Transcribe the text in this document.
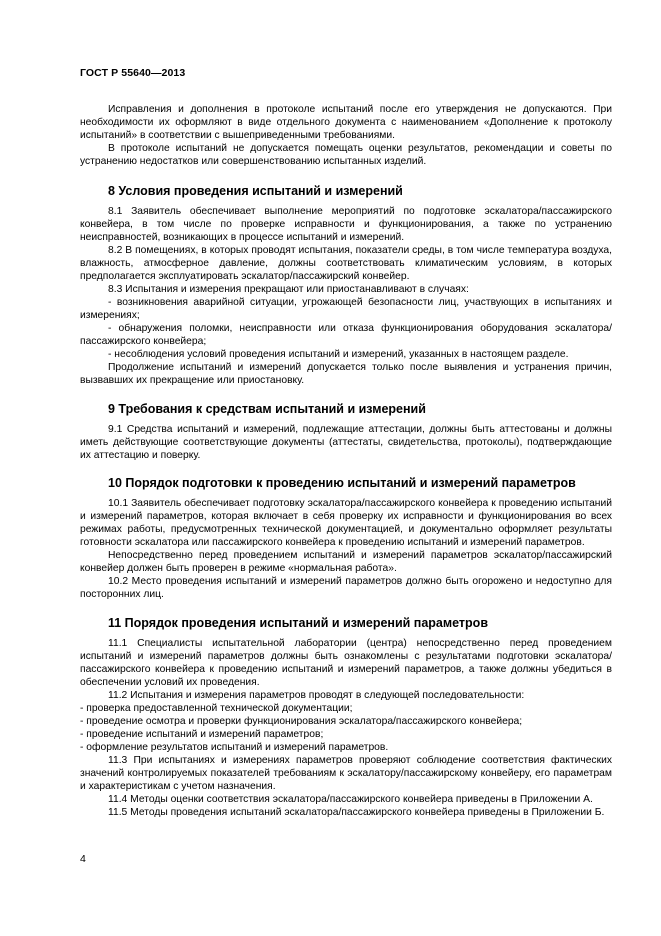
ГОСТ Р 55640—2013

Исправления и дополнения в протоколе испытаний после его утверждения не допускаются. При необходимости их оформляют в виде отдельного документа с наименованием «Дополнение к протоколу испытаний» в соответствии с вышеприведенными требованиями.

В протоколе испытаний не допускается помещать оценки результатов, рекомендации и советы по устранению недостатков или совершенствованию испытанных изделий.

8 Условия проведения испытаний и измерений

8.1 Заявитель обеспечивает выполнение мероприятий по подготовке эскалатора/пассажирского конвейера, в том числе по проверке исправности и функционирования, а также по устранению неисправностей, возникающих в процессе испытаний и измерений.

8.2 В помещениях, в которых проводят испытания, показатели среды, в том числе температура воздуха, влажность, атмосферное давление, должны соответствовать климатическим условиям, в которых предполагается эксплуатировать эскалатор/пассажирский конвейер.

8.3 Испытания и измерения прекращают или приостанавливают в случаях:

- возникновения аварийной ситуации, угрожающей безопасности лиц, участвующих в испытаниях и измерениях;

- обнаружения поломки, неисправности или отказа функционирования оборудования эскалатора/пассажирского конвейера;

- несоблюдения условий проведения испытаний и измерений, указанных в настоящем разделе.

Продолжение испытаний и измерений допускается только после выявления и устранения причин, вызвавших их прекращение или приостановку.

9 Требования к средствам испытаний и измерений

9.1 Средства испытаний и измерений, подлежащие аттестации, должны быть аттестованы и должны иметь действующие соответствующие документы (аттестаты, свидетельства, протоколы), подтверждающие их аттестацию и поверку.

10 Порядок подготовки к проведению испытаний и измерений параметров

10.1 Заявитель обеспечивает подготовку эскалатора/пассажирского конвейера к проведению испытаний и измерений параметров, которая включает в себя проверку их исправности и функционирования во всех режимах работы, предусмотренных технической документацией, и документально оформляет результаты готовности эскалатора или пассажирского конвейера к проведению испытаний и измерений параметров.

Непосредственно перед проведением испытаний и измерений параметров эскалатор/пассажирский конвейер должен быть проверен в режиме «нормальная работа».

10.2 Место проведения испытаний и измерений параметров должно быть огорожено и недоступно для посторонних лиц.

11 Порядок проведения испытаний и измерений параметров

11.1 Специалисты испытательной лаборатории (центра) непосредственно перед проведением испытаний и измерений параметров должны быть ознакомлены с результатами подготовки эскалатора/пассажирского конвейера к проведению испытаний и измерений параметров, а также должны убедиться в обеспечении условий их проведения.

11.2 Испытания и измерения параметров проводят в следующей последовательности:

- проверка предоставленной технической документации;

- проведение осмотра и проверки функционирования эскалатора/пассажирского конвейера;

- проведение испытаний и измерений параметров;

- оформление результатов испытаний и измерений параметров.

11.3 При испытаниях и измерениях параметров проверяют соблюдение соответствия фактических значений контролируемых показателей требованиям к эскалатору/пассажирскому конвейеру, его параметрам и характеристикам с учетом назначения.

11.4 Методы оценки соответствия эскалатора/пассажирского конвейера приведены в Приложении А.

11.5 Методы проведения испытаний эскалатора/пассажирского конвейера приведены в Приложении Б.

4
